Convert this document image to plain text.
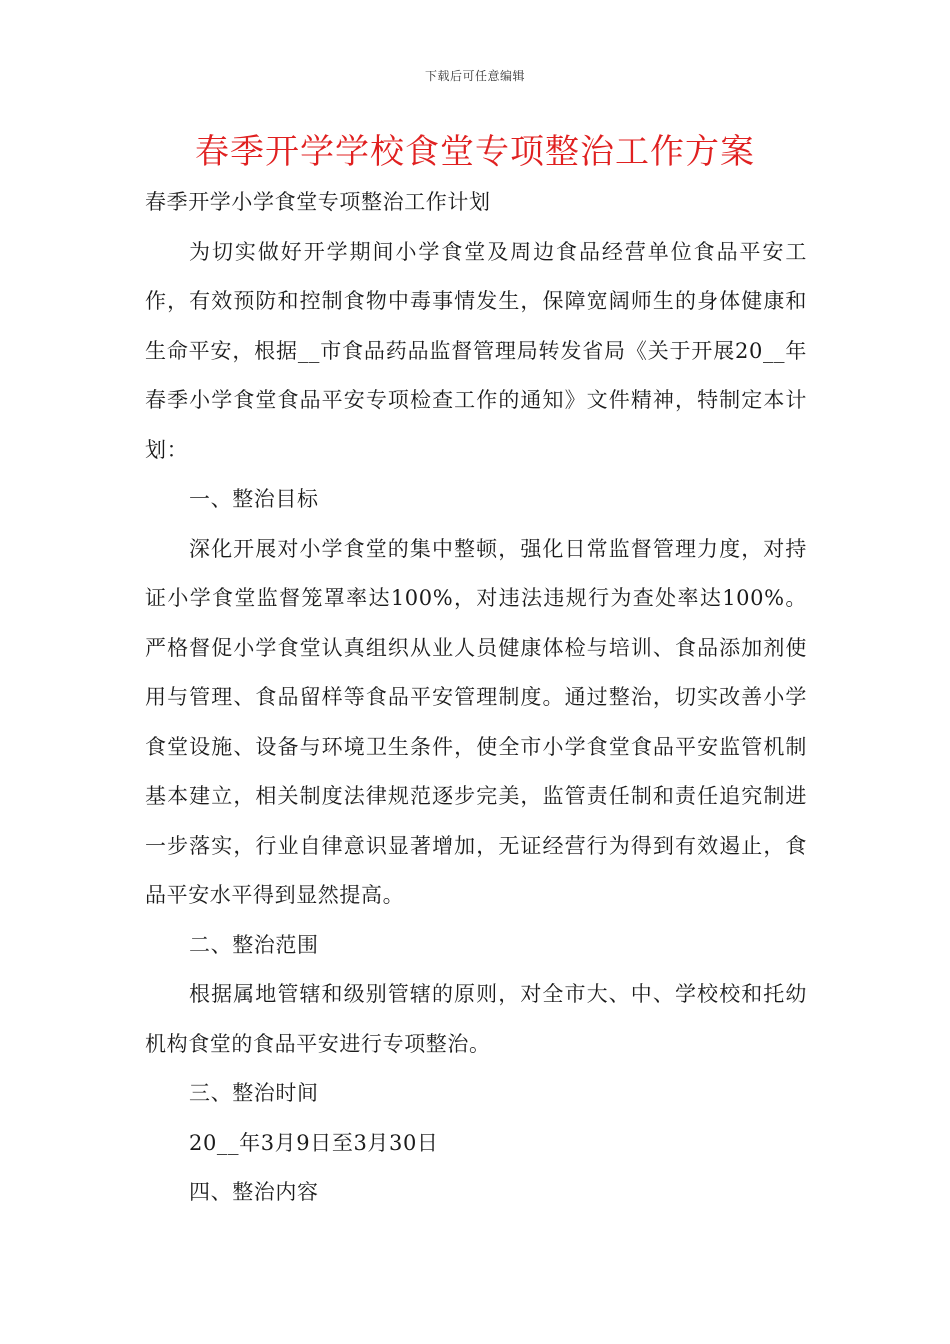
下载后可任意编辑
春季开学学校食堂专项整治工作方案

春季开学小学食堂专项整治工作计划

为切实做好开学期间小学食堂及周边食品经营单位食品平安工作，有效预防和控制食物中毒事情发生，保障宽阔师生的身体健康和生命平安，根据__市食品药品监督管理局转发省局《关于开展20__年春季小学食堂食品平安专项检查工作的通知》文件精神，特制定本计划：

一、整治目标

深化开展对小学食堂的集中整顿，强化日常监督管理力度，对持证小学食堂监督笼罩率达100%，对违法违规行为查处率达100%。严格督促小学食堂认真组织从业人员健康体检与培训、食品添加剂使用与管理、食品留样等食品平安管理制度。通过整治，切实改善小学食堂设施、设备与环境卫生条件，使全市小学食堂食品平安监管机制基本建立，相关制度法律规范逐步完美，监管责任制和责任追究制进一步落实，行业自律意识显著增加，无证经营行为得到有效遏止，食品平安水平得到显然提高。

二、整治范围

根据属地管辖和级别管辖的原则，对全市大、中、学校校和托幼机构食堂的食品平安进行专项整治。

三、整治时间

20__年3月9日至3月30日

四、整治内容
